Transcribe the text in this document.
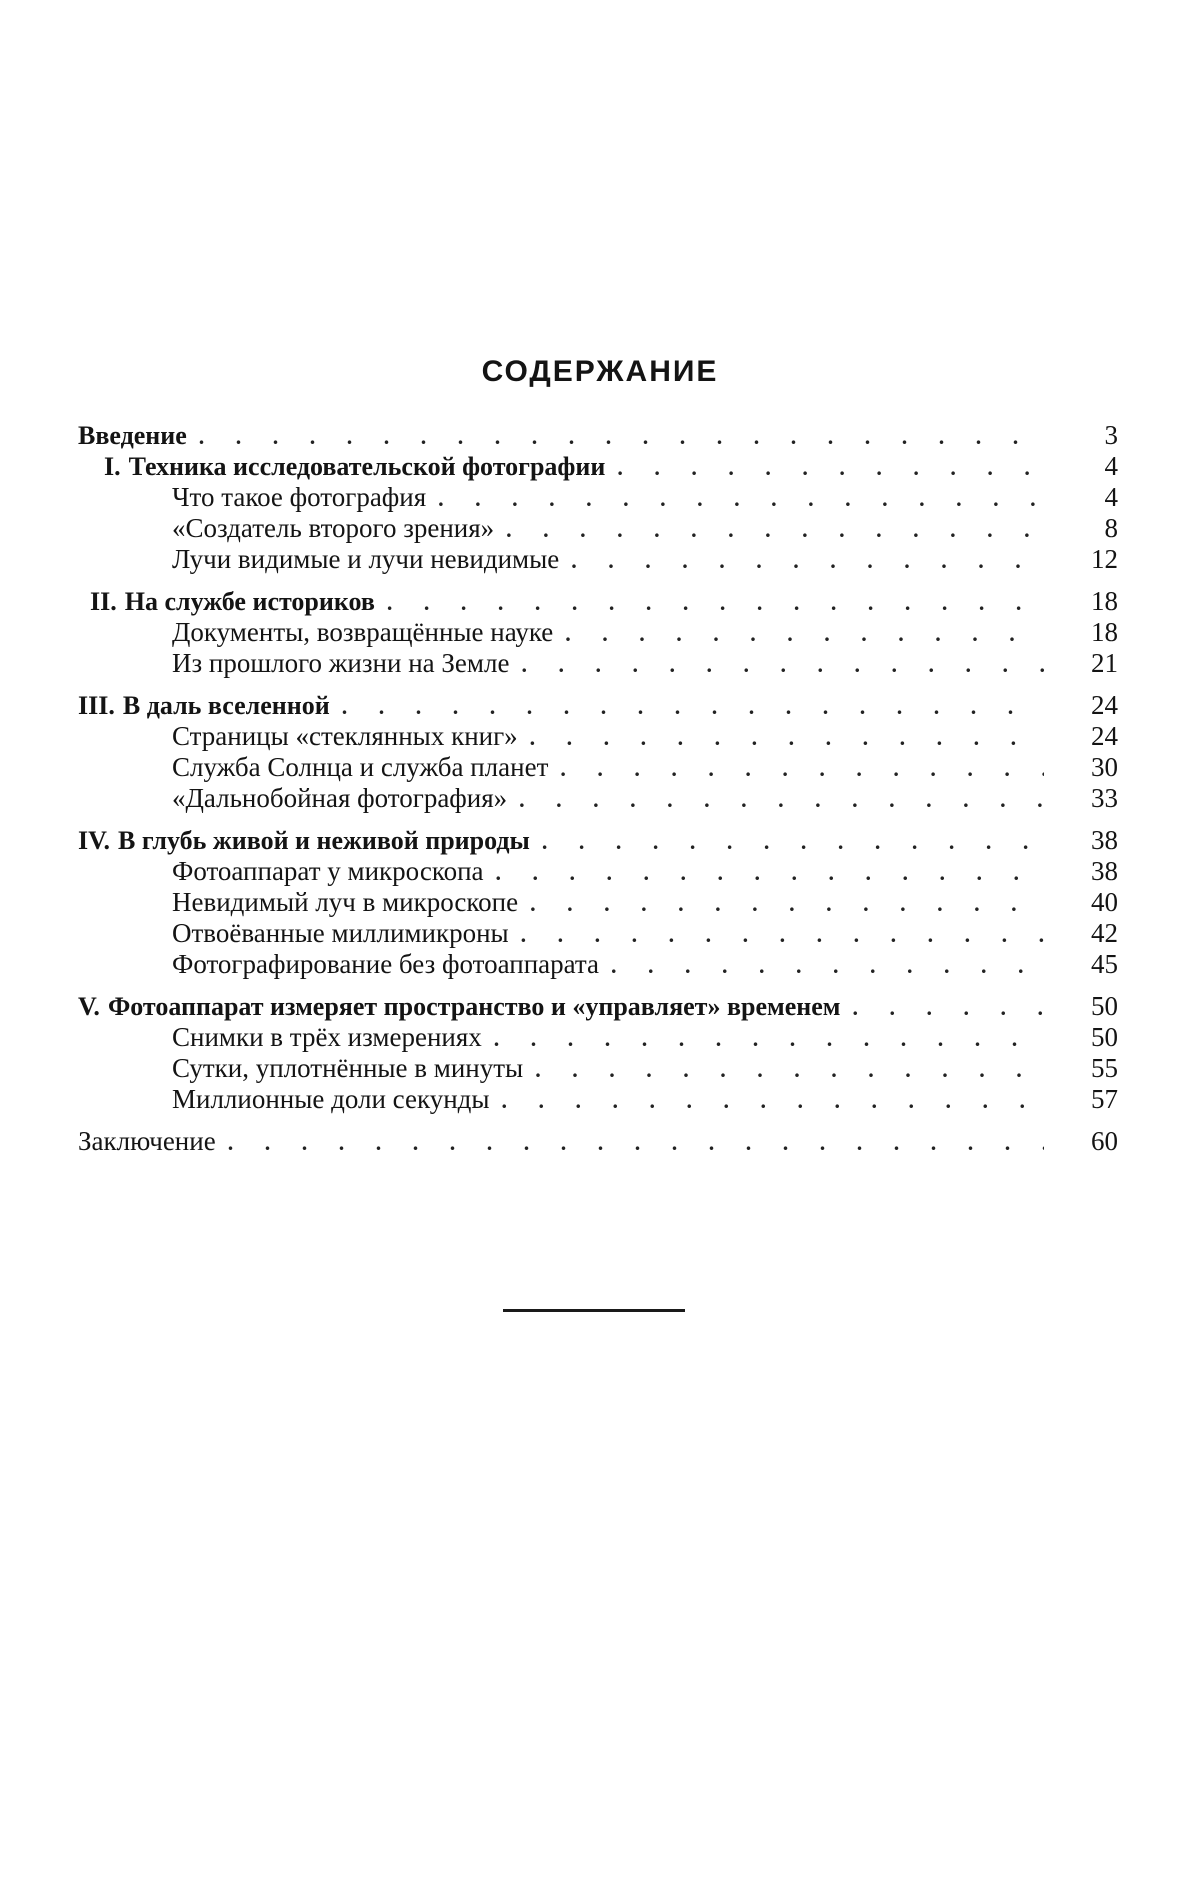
СОДЕРЖАНИЕ
Введение . . .	3
I. Техника исследовательской фотографии . . .	4
Что такое фотография . . .	4
«Создатель второго зрения» . . .	8
Лучи видимые и лучи невидимые . . .	12
II. На службе историков . . .	18
Документы, возвращённые науке . . .	18
Из прошлого жизни на Земле . . .	21
III. В даль вселенной . . .	24
Страницы «стеклянных книг» . . .	24
Служба Солнца и служба планет . . .	30
«Дальнобойная фотография» . . .	33
IV. В глубь живой и неживой природы . . .	38
Фотоаппарат у микроскопа . . .	38
Невидимый луч в микроскопе . . .	40
Отвоёванные миллимикроны . . .	42
Фотографирование без фотоаппарата . . .	45
V. Фотоаппарат измеряет пространство и «управляет» временем . . .	50
Снимки в трёх измерениях . . .	50
Сутки, уплотнённые в минуты . . .	55
Миллионные доли секунды . . .	57
Заключение . . .	60
